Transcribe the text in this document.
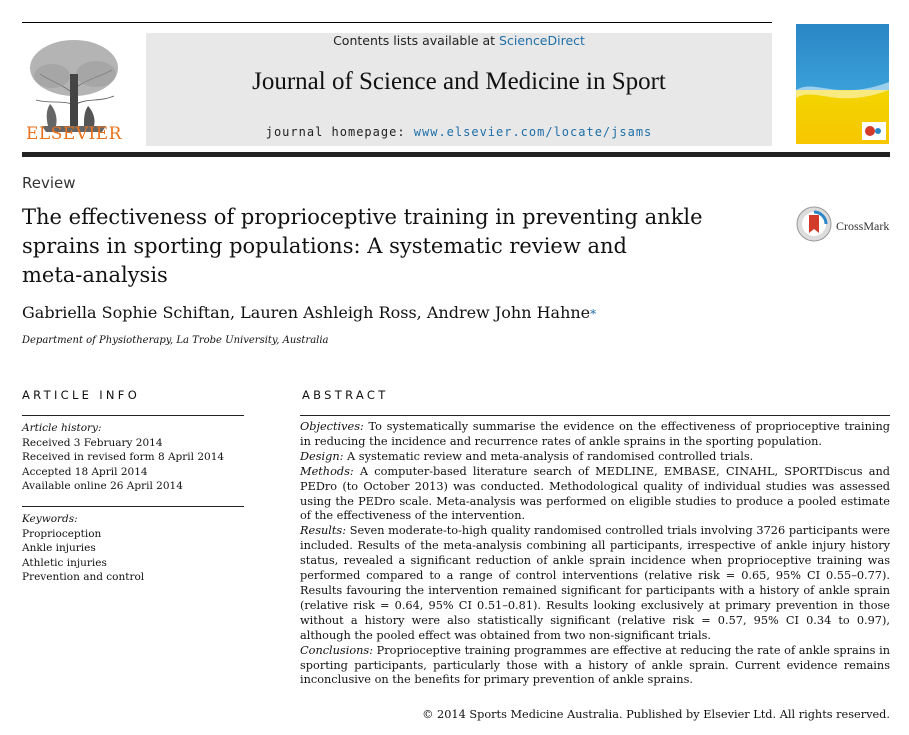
ELSEVIER
Contents lists available at ScienceDirect
Journal of Science and Medicine in Sport
journal homepage: www.elsevier.com/locate/jsams
Review
The effectiveness of proprioceptive training in preventing ankle
sprains in sporting populations: A systematic review and
meta-analysis
CrossMark
Gabriella Sophie Schiftan, Lauren Ashleigh Ross, Andrew John Hahne*
Department of Physiotherapy, La Trobe University, Australia
ARTICLE INFO
Article history:
Received 3 February 2014
Received in revised form 8 April 2014
Accepted 18 April 2014
Available online 26 April 2014
Keywords:
Proprioception
Ankle injuries
Athletic injuries
Prevention and control
ABSTRACT

Objectives: To systematically summarise the evidence on the effectiveness of proprioceptive training in reducing the incidence and recurrence rates of ankle sprains in the sporting population.

Design: A systematic review and meta-analysis of randomised controlled trials.

Methods: A computer-based literature search of MEDLINE, EMBASE, CINAHL, SPORTDiscus and PEDro (to October 2013) was conducted. Methodological quality of individual studies was assessed using the PEDro scale. Meta-analysis was performed on eligible studies to produce a pooled estimate of the effectiveness of the intervention.

Results: Seven moderate-to-high quality randomised controlled trials involving 3726 participants were included. Results of the meta-analysis combining all participants, irrespective of ankle injury history status, revealed a significant reduction of ankle sprain incidence when proprioceptive training was performed compared to a range of control interventions (relative risk = 0.65, 95% CI 0.55–0.77). Results favouring the intervention remained significant for participants with a history of ankle sprain (relative risk = 0.64, 95% CI 0.51–0.81). Results looking exclusively at primary prevention in those without a history were also statistically significant (relative risk = 0.57, 95% CI 0.34 to 0.97), although the pooled effect was obtained from two non-significant trials.

Conclusions: Proprioceptive training programmes are effective at reducing the rate of ankle sprains in sporting participants, particularly those with a history of ankle sprain. Current evidence remains inconclusive on the benefits for primary prevention of ankle sprains.

© 2014 Sports Medicine Australia. Published by Elsevier Ltd. All rights reserved.
